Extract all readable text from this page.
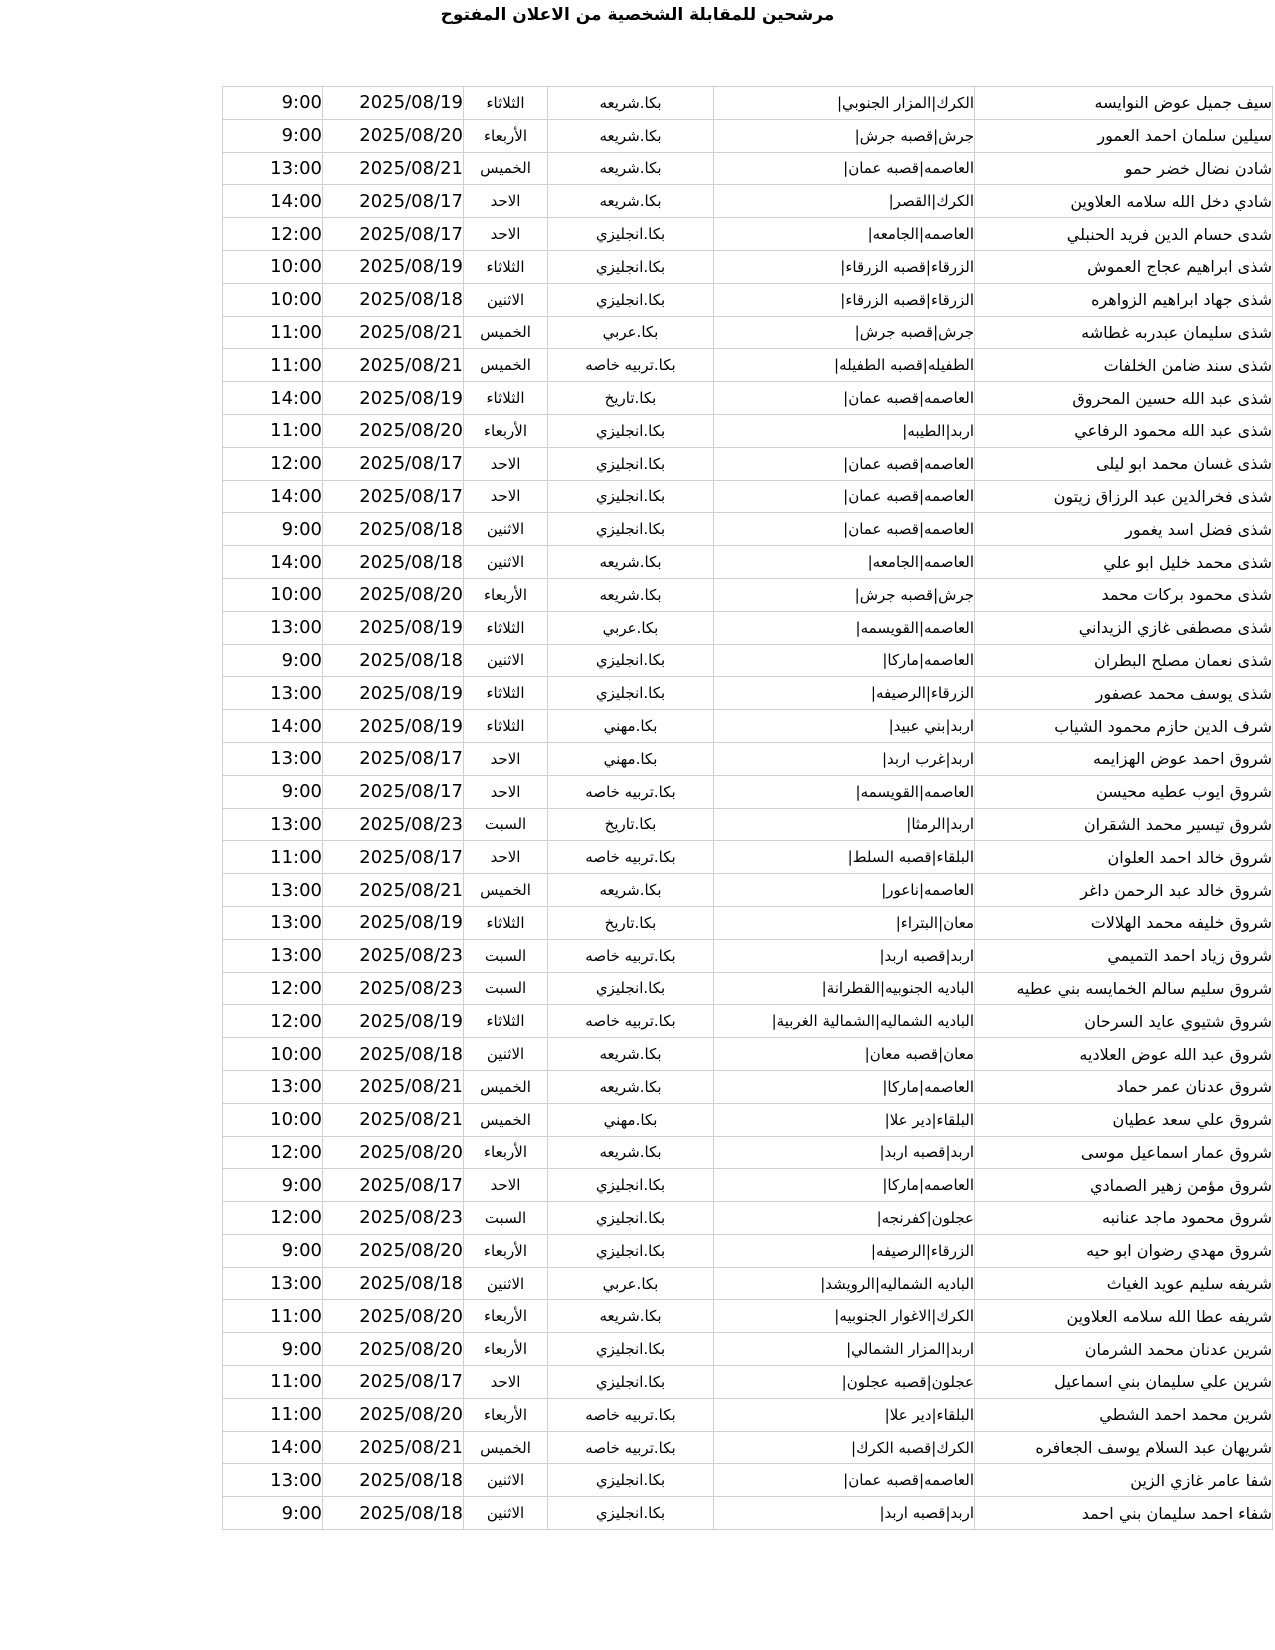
مرشحين للمقابلة الشخصية من الاعلان المفتوح
سيف جميل عوض النوايسه	الكرك|المزار الجنوبي|	بكا.شريعه	الثلاثاء	2025/08/19	9:00
سيلين سلمان احمد العمور	جرش|قصبه جرش|	بكا.شريعه	الأربعاء	2025/08/20	9:00
شادن نضال خضر حمو	العاصمه|قصبه عمان|	بكا.شريعه	الخميس	2025/08/21	13:00
شادي دخل الله سلامه العلاوين	الكرك|القصر|	بكا.شريعه	الاحد	2025/08/17	14:00
شدى حسام الدين فريد الحنبلي	العاصمه|الجامعه|	بكا.انجليزي	الاحد	2025/08/17	12:00
شذى ابراهيم عجاج العموش	الزرقاء|قصبه الزرقاء|	بكا.انجليزي	الثلاثاء	2025/08/19	10:00
شذى جهاد ابراهيم الزواهره	الزرقاء|قصبه الزرقاء|	بكا.انجليزي	الاثنين	2025/08/18	10:00
شذى سليمان عبدربه غطاشه	جرش|قصبه جرش|	بكا.عربي	الخميس	2025/08/21	11:00
شذى سند ضامن الخلفات	الطفيله|قصبه الطفيله|	بكا.تربيه خاصه	الخميس	2025/08/21	11:00
شذى عبد الله حسين المحروق	العاصمه|قصبه عمان|	بكا.تاريخ	الثلاثاء	2025/08/19	14:00
شذى عبد الله محمود الرفاعي	اربد|الطيبه|	بكا.انجليزي	الأربعاء	2025/08/20	11:00
شذى غسان محمد ابو ليلى	العاصمه|قصبه عمان|	بكا.انجليزي	الاحد	2025/08/17	12:00
شذى فخرالدين عبد الرزاق زيتون	العاصمه|قصبه عمان|	بكا.انجليزي	الاحد	2025/08/17	14:00
شذى فضل اسد يغمور	العاصمه|قصبه عمان|	بكا.انجليزي	الاثنين	2025/08/18	9:00
شذى محمد خليل ابو علي	العاصمه|الجامعه|	بكا.شريعه	الاثنين	2025/08/18	14:00
شذى محمود بركات محمد	جرش|قصبه جرش|	بكا.شريعه	الأربعاء	2025/08/20	10:00
شذى مصطفى غازي الزيداني	العاصمه|القويسمه|	بكا.عربي	الثلاثاء	2025/08/19	13:00
شذى نعمان مصلح البطران	العاصمه|ماركا|	بكا.انجليزي	الاثنين	2025/08/18	9:00
شذى يوسف محمد عصفور	الزرقاء|الرصيفه|	بكا.انجليزي	الثلاثاء	2025/08/19	13:00
شرف الدين حازم محمود الشياب	اربد|بني عبيد|	بكا.مهني	الثلاثاء	2025/08/19	14:00
شروق احمد عوض الهزايمه	اربد|غرب اربد|	بكا.مهني	الاحد	2025/08/17	13:00
شروق ايوب عطيه محيسن	العاصمه|القويسمه|	بكا.تربيه خاصه	الاحد	2025/08/17	9:00
شروق تيسير محمد الشقران	اربد|الرمثا|	بكا.تاريخ	السبت	2025/08/23	13:00
شروق خالد احمد العلوان	البلقاء|قصبه السلط|	بكا.تربيه خاصه	الاحد	2025/08/17	11:00
شروق خالد عبد الرحمن داغر	العاصمه|ناعور|	بكا.شريعه	الخميس	2025/08/21	13:00
شروق خليفه محمد الهلالات	معان|البتراء|	بكا.تاريخ	الثلاثاء	2025/08/19	13:00
شروق زياد احمد التميمي	اربد|قصبه اربد|	بكا.تربيه خاصه	السبت	2025/08/23	13:00
شروق سليم سالم الخمايسه بني عطيه	الباديه الجنوبيه|القطرانة|	بكا.انجليزي	السبت	2025/08/23	12:00
شروق شتيوي عايد السرحان	الباديه الشماليه|الشمالية الغربية|	بكا.تربيه خاصه	الثلاثاء	2025/08/19	12:00
شروق عبد الله عوض العلاديه	معان|قصبه معان|	بكا.شريعه	الاثنين	2025/08/18	10:00
شروق عدنان عمر حماد	العاصمه|ماركا|	بكا.شريعه	الخميس	2025/08/21	13:00
شروق علي سعد عطيان	البلقاء|دير علا|	بكا.مهني	الخميس	2025/08/21	10:00
شروق عمار اسماعيل موسى	اربد|قصبه اربد|	بكا.شريعه	الأربعاء	2025/08/20	12:00
شروق مؤمن زهير الصمادي	العاصمه|ماركا|	بكا.انجليزي	الاحد	2025/08/17	9:00
شروق محمود ماجد عنانبه	عجلون|كفرنجه|	بكا.انجليزي	السبت	2025/08/23	12:00
شروق مهدي رضوان ابو حيه	الزرقاء|الرصيفه|	بكا.انجليزي	الأربعاء	2025/08/20	9:00
شريفه سليم عويد الغياث	الباديه الشماليه|الرويشد|	بكا.عربي	الاثنين	2025/08/18	13:00
شريفه عطا الله سلامه العلاوين	الكرك|الاغوار الجنوبيه|	بكا.شريعه	الأربعاء	2025/08/20	11:00
شرين عدنان محمد الشرمان	اربد|المزار الشمالي|	بكا.انجليزي	الأربعاء	2025/08/20	9:00
شرين علي سليمان بني اسماعيل	عجلون|قصبه عجلون|	بكا.انجليزي	الاحد	2025/08/17	11:00
شرين محمد احمد الشطي	البلقاء|دير علا|	بكا.تربيه خاصه	الأربعاء	2025/08/20	11:00
شريهان عبد السلام يوسف الجعافره	الكرك|قصبه الكرك|	بكا.تربيه خاصه	الخميس	2025/08/21	14:00
شفا عامر غازي الزين	العاصمه|قصبه عمان|	بكا.انجليزي	الاثنين	2025/08/18	13:00
شفاء احمد سليمان بني احمد	اربد|قصبه اربد|	بكا.انجليزي	الاثنين	2025/08/18	9:00
